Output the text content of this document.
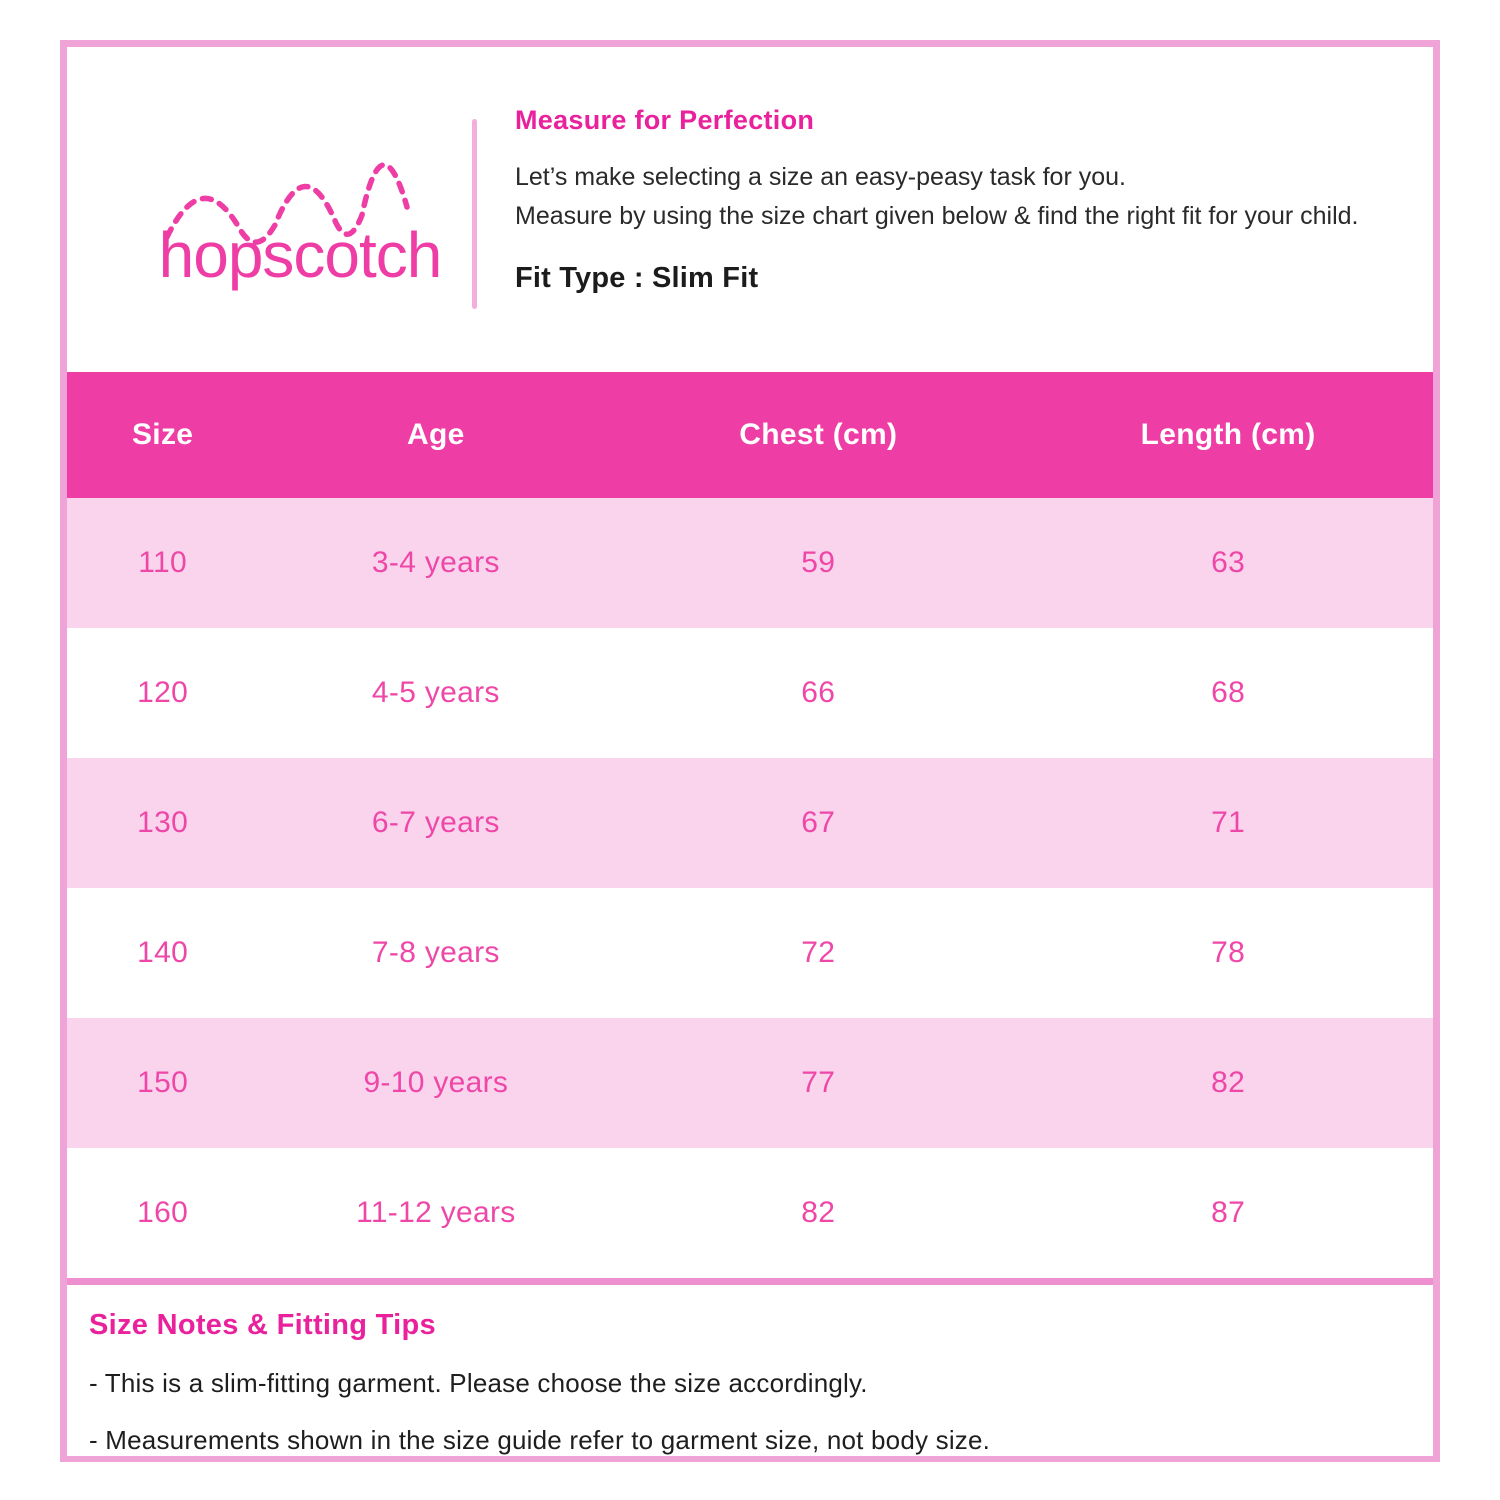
hopscotch
Measure for Perfection
Let’s make selecting a size an easy-peasy task for you.
Measure by using the size chart given below & find the right fit for your child.
Fit Type : Slim Fit
Size	Age	Chest (cm)	Length (cm)
110	3-4 years	59	63
120	4-5 years	66	68
130	6-7 years	67	71
140	7-8 years	72	78
150	9-10 years	77	82
160	11-12 years	82	87
Size Notes & Fitting Tips
- This is a slim-fitting garment. Please choose the size accordingly.
- Measurements shown in the size guide refer to garment size, not body size.
